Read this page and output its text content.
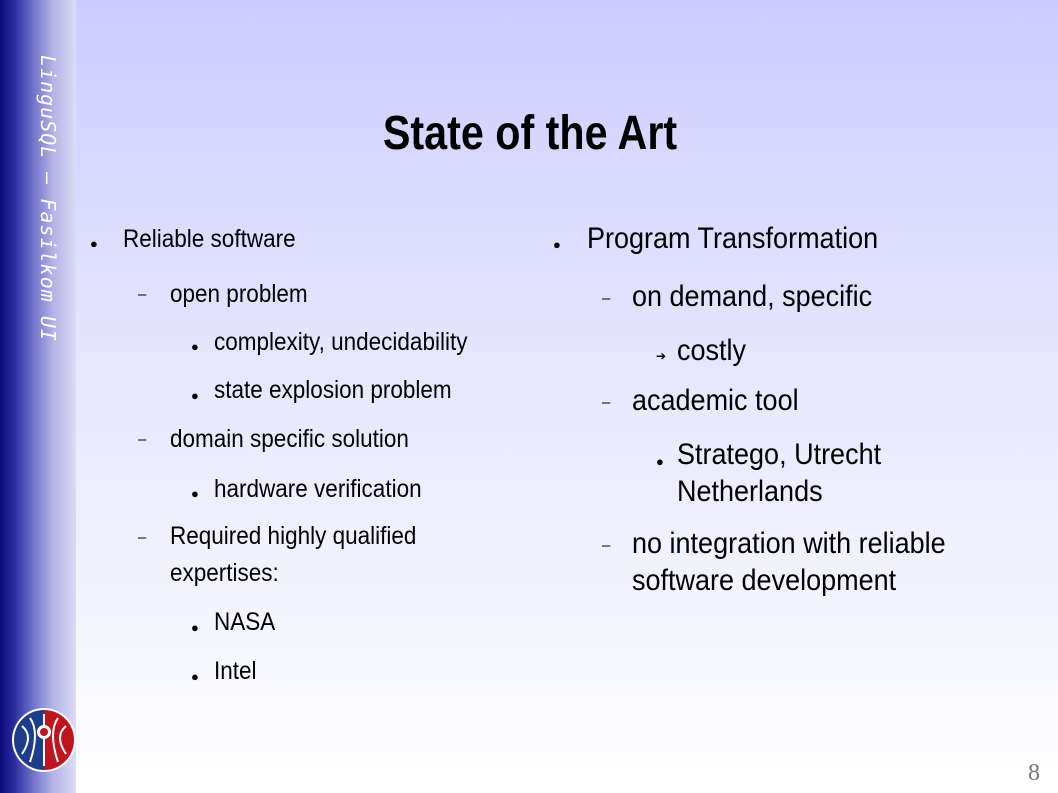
LinguSQL – Fasilkom UI	State of the Art
● Reliable software
– open problem
● complexity, undecidability
● state explosion problem
– domain specific solution
● hardware verification
– Required highly qualified
expertises:
● NASA
● Intel
● Program Transformation
– on demand, specific
➔ costly
– academic tool
● Stratego, Utrecht
Netherlands
– no integration with reliable
software development
8
